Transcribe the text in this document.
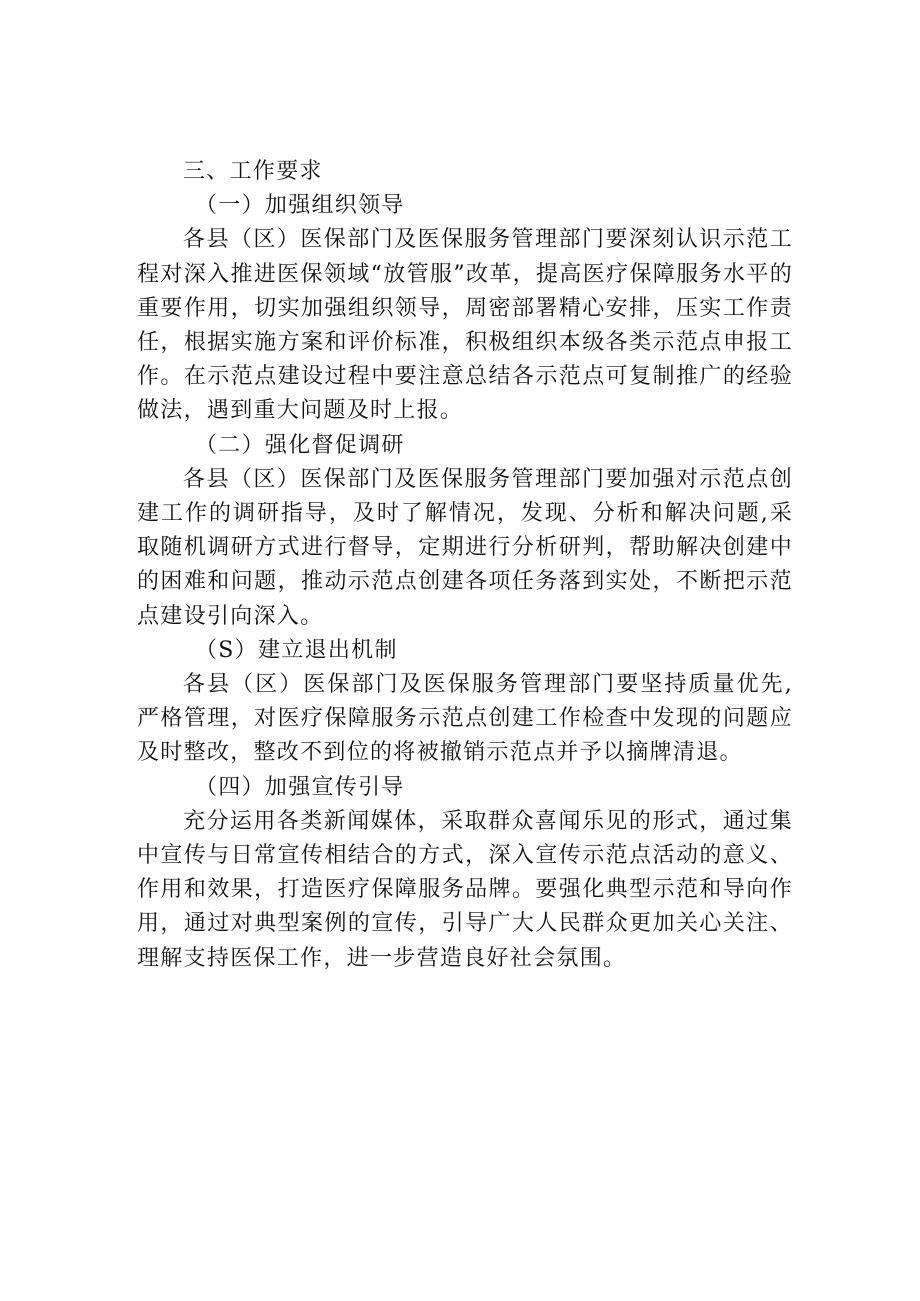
三、工作要求
（一）加强组织领导

各县（区）医保部门及医保服务管理部门要深刻认识示范工程对深入推进医保领域“放管服”改革，提高医疗保障服务水平的重要作用，切实加强组织领导，周密部署精心安排，压实工作责任，根据实施方案和评价标准，积极组织本级各类示范点申报工作。在示范点建设过程中要注意总结各示范点可复制推广的经验做法，遇到重大问题及时上报。

（二）强化督促调研

各县（区）医保部门及医保服务管理部门要加强对示范点创建工作的调研指导，及时了解情况，发现、分析和解决问题,采取随机调研方式进行督导，定期进行分析研判，帮助解决创建中的困难和问题，推动示范点创建各项任务落到实处，不断把示范点建设引向深入。

（S）建立退出机制

各县（区）医保部门及医保服务管理部门要坚持质量优先,严格管理，对医疗保障服务示范点创建工作检查中发现的问题应及时整改，整改不到位的将被撤销示范点并予以摘牌清退。

（四）加强宣传引导

充分运用各类新闻媒体，采取群众喜闻乐见的形式，通过集中宣传与日常宣传相结合的方式，深入宣传示范点活动的意义、作用和效果，打造医疗保障服务品牌。要强化典型示范和导向作用，通过对典型案例的宣传，引导广大人民群众更加关心关注、理解支持医保工作，进一步营造良好社会氛围。
